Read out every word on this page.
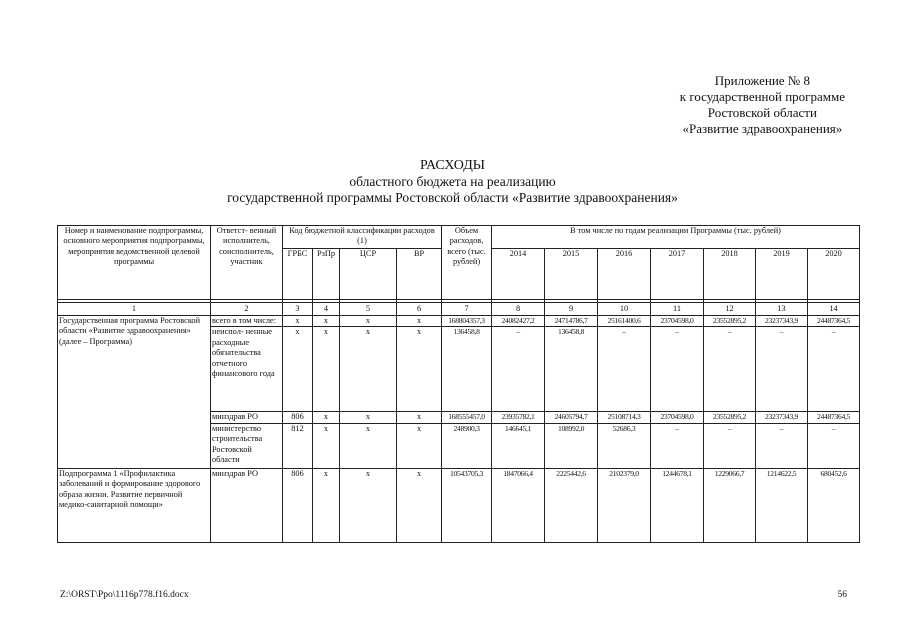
Приложение № 8
к государственной программе
Ростовской области
«Развитие здравоохранения»
РАСХОДЫ
областного бюджета на реализацию
государственной программы Ростовской области «Развитие здравоохранения»
Номер и наименование подпрограммы, основного мероприятия подпрограммы, мероприятия ведомственной целевой программы	Ответст- венный исполнитель, соисполнитель, участник	Код бюджетной классификации расходов (1)				Объем расходов, всего (тыс. рублей)	В том числе по годам реализации Программы (тыс. рублей)						
		ГРБС	РзПр	ЦСР	ВР		2014	2015	2016	2017	2018	2019	2020

1	2	3	4	5	6	7	8	9	10	11	12	13	14
Государственная программа Ростовской области «Развитие здравоохранения» (далее – Программа)	всего в том числе:	x	x	x	x	168804357,3	24082427,2	24714786,7	25161400,6	23704598,0	23552895,2	23237343,9	24487364,5
	неиспол- ненные расходные обязательства отчетного финансового года	x	x	x	x	136458,8	–	136458,8	–	–	–	–	–
	минздрав РО	806	x	x	x	168555457,0	23935782,1	24605794,7	25108714,3	23704598,0	23552895,2	23237343,9	24487364,5
	министерство строительства Ростовской области	812	x	x	x	248900,3	146645,1	108992,0	52686,3	–	–	–	–
Подпрограмма 1 «Профилактика заболеваний и формирование здорового образа жизни. Развитие первичной медико-санитарной помощи»	минздрав РО	806	x	x	x	10543705,3	1847066,4	2225442,6	2102379,0	1244678,1	1229066,7	1214622,5	680452,6
Z:\ORST\Ppo\1116p778.f16.docx	56
